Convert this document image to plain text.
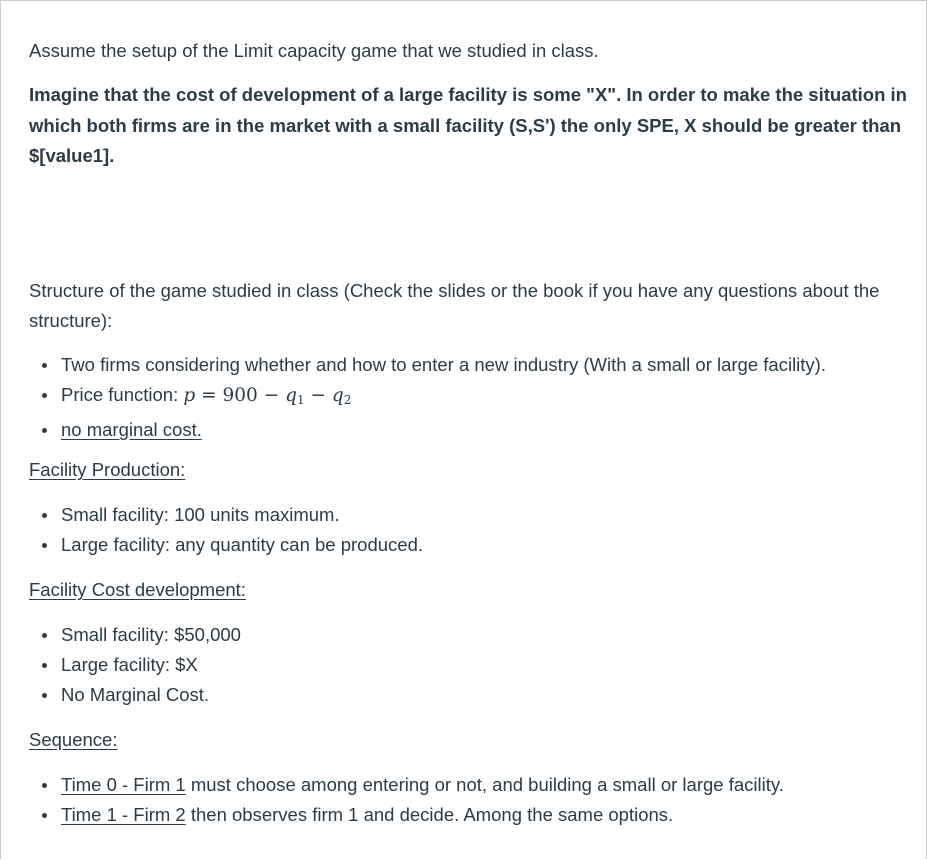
Assume the setup of the Limit capacity game that we studied in class.

Imagine that the cost of development of a large facility is some "X". In order to make the situation in which both firms are in the market with a small facility (S,S') the only SPE, X should be greater than $[value1].

Structure of the game studied in class (Check the slides or the book if you have any questions about the structure):

Two firms considering whether and how to enter a new industry (With a small or large facility).
Price function: $p = 900 - q_1 - q_2$
no marginal cost.
Facility Production:
Small facility: 100 units maximum.
Large facility: any quantity can be produced.
Facility Cost development:
Small facility: $50,000
Large facility: $X
No Marginal Cost.
Sequence:
Time 0 - Firm 1 must choose among entering or not, and building a small or large facility.
Time 1 - Firm 2 then observes firm 1 and decide. Among the same options.
